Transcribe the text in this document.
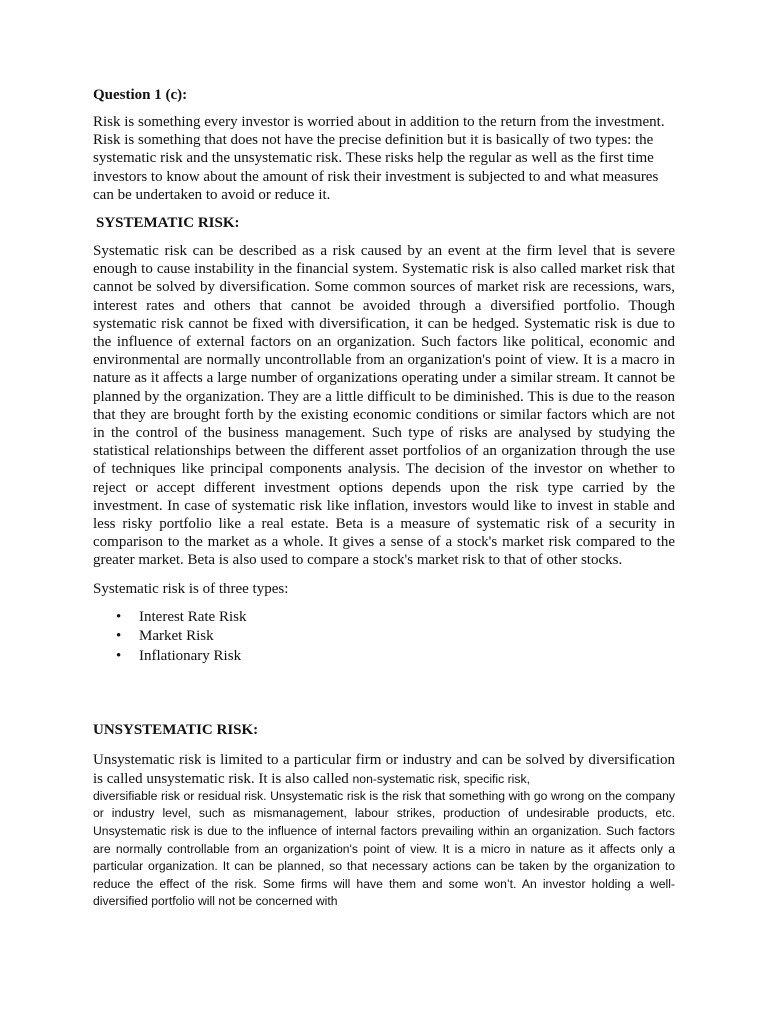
Question 1 (c):

Risk is something every investor is worried about in addition to the return from the investment. Risk is something that does not have the precise definition but it is basically of two types: the systematic risk and the unsystematic risk. These risks help the regular as well as the first time investors to know about the amount of risk their investment is subjected to and what measures can be undertaken to avoid or reduce it.

SYSTEMATIC RISK:

Systematic risk can be described as a risk caused by an event at the firm level that is severe enough to cause instability in the financial system. Systematic risk is also called market risk that cannot be solved by diversification. Some common sources of market risk are recessions, wars, interest rates and others that cannot be avoided through a diversified portfolio. Though systematic risk cannot be fixed with diversification, it can be hedged. Systematic risk is due to the influence of external factors on an organization. Such factors like political, economic and environmental are normally uncontrollable from an organization's point of view. It is a macro in nature as it affects a large number of organizations operating under a similar stream. It cannot be planned by the organization. They are a little difficult to be diminished. This is due to the reason that they are brought forth by the existing economic conditions or similar factors which are not in the control of the business management. Such type of risks are analysed by studying the statistical relationships between the different asset portfolios of an organization through the use of techniques like principal components analysis. The decision of the investor on whether to reject or accept different investment options depends upon the risk type carried by the investment. In case of systematic risk like inflation, investors would like to invest in stable and less risky portfolio like a real estate. Beta is a measure of systematic risk of a security in comparison to the market as a whole. It gives a sense of a stock's market risk compared to the greater market. Beta is also used to compare a stock's market risk to that of other stocks.

Systematic risk is of three types:

• Interest Rate Risk
• Market Risk
• Inflationary Risk

UNSYSTEMATIC RISK:

Unsystematic risk is limited to a particular firm or industry and can be solved by diversification is called unsystematic risk. It is also called non-systematic risk, specific risk,

diversifiable risk or residual risk. Unsystematic risk is the risk that something with go wrong on the company or industry level, such as mismanagement, labour strikes, production of undesirable products, etc. Unsystematic risk is due to the influence of internal factors prevailing within an organization. Such factors are normally controllable from an organization's point of view. It is a micro in nature as it affects only a particular organization. It can be planned, so that necessary actions can be taken by the organization to reduce the effect of the risk. Some firms will have them and some won’t. An investor holding a well-diversified portfolio will not be concerned with
